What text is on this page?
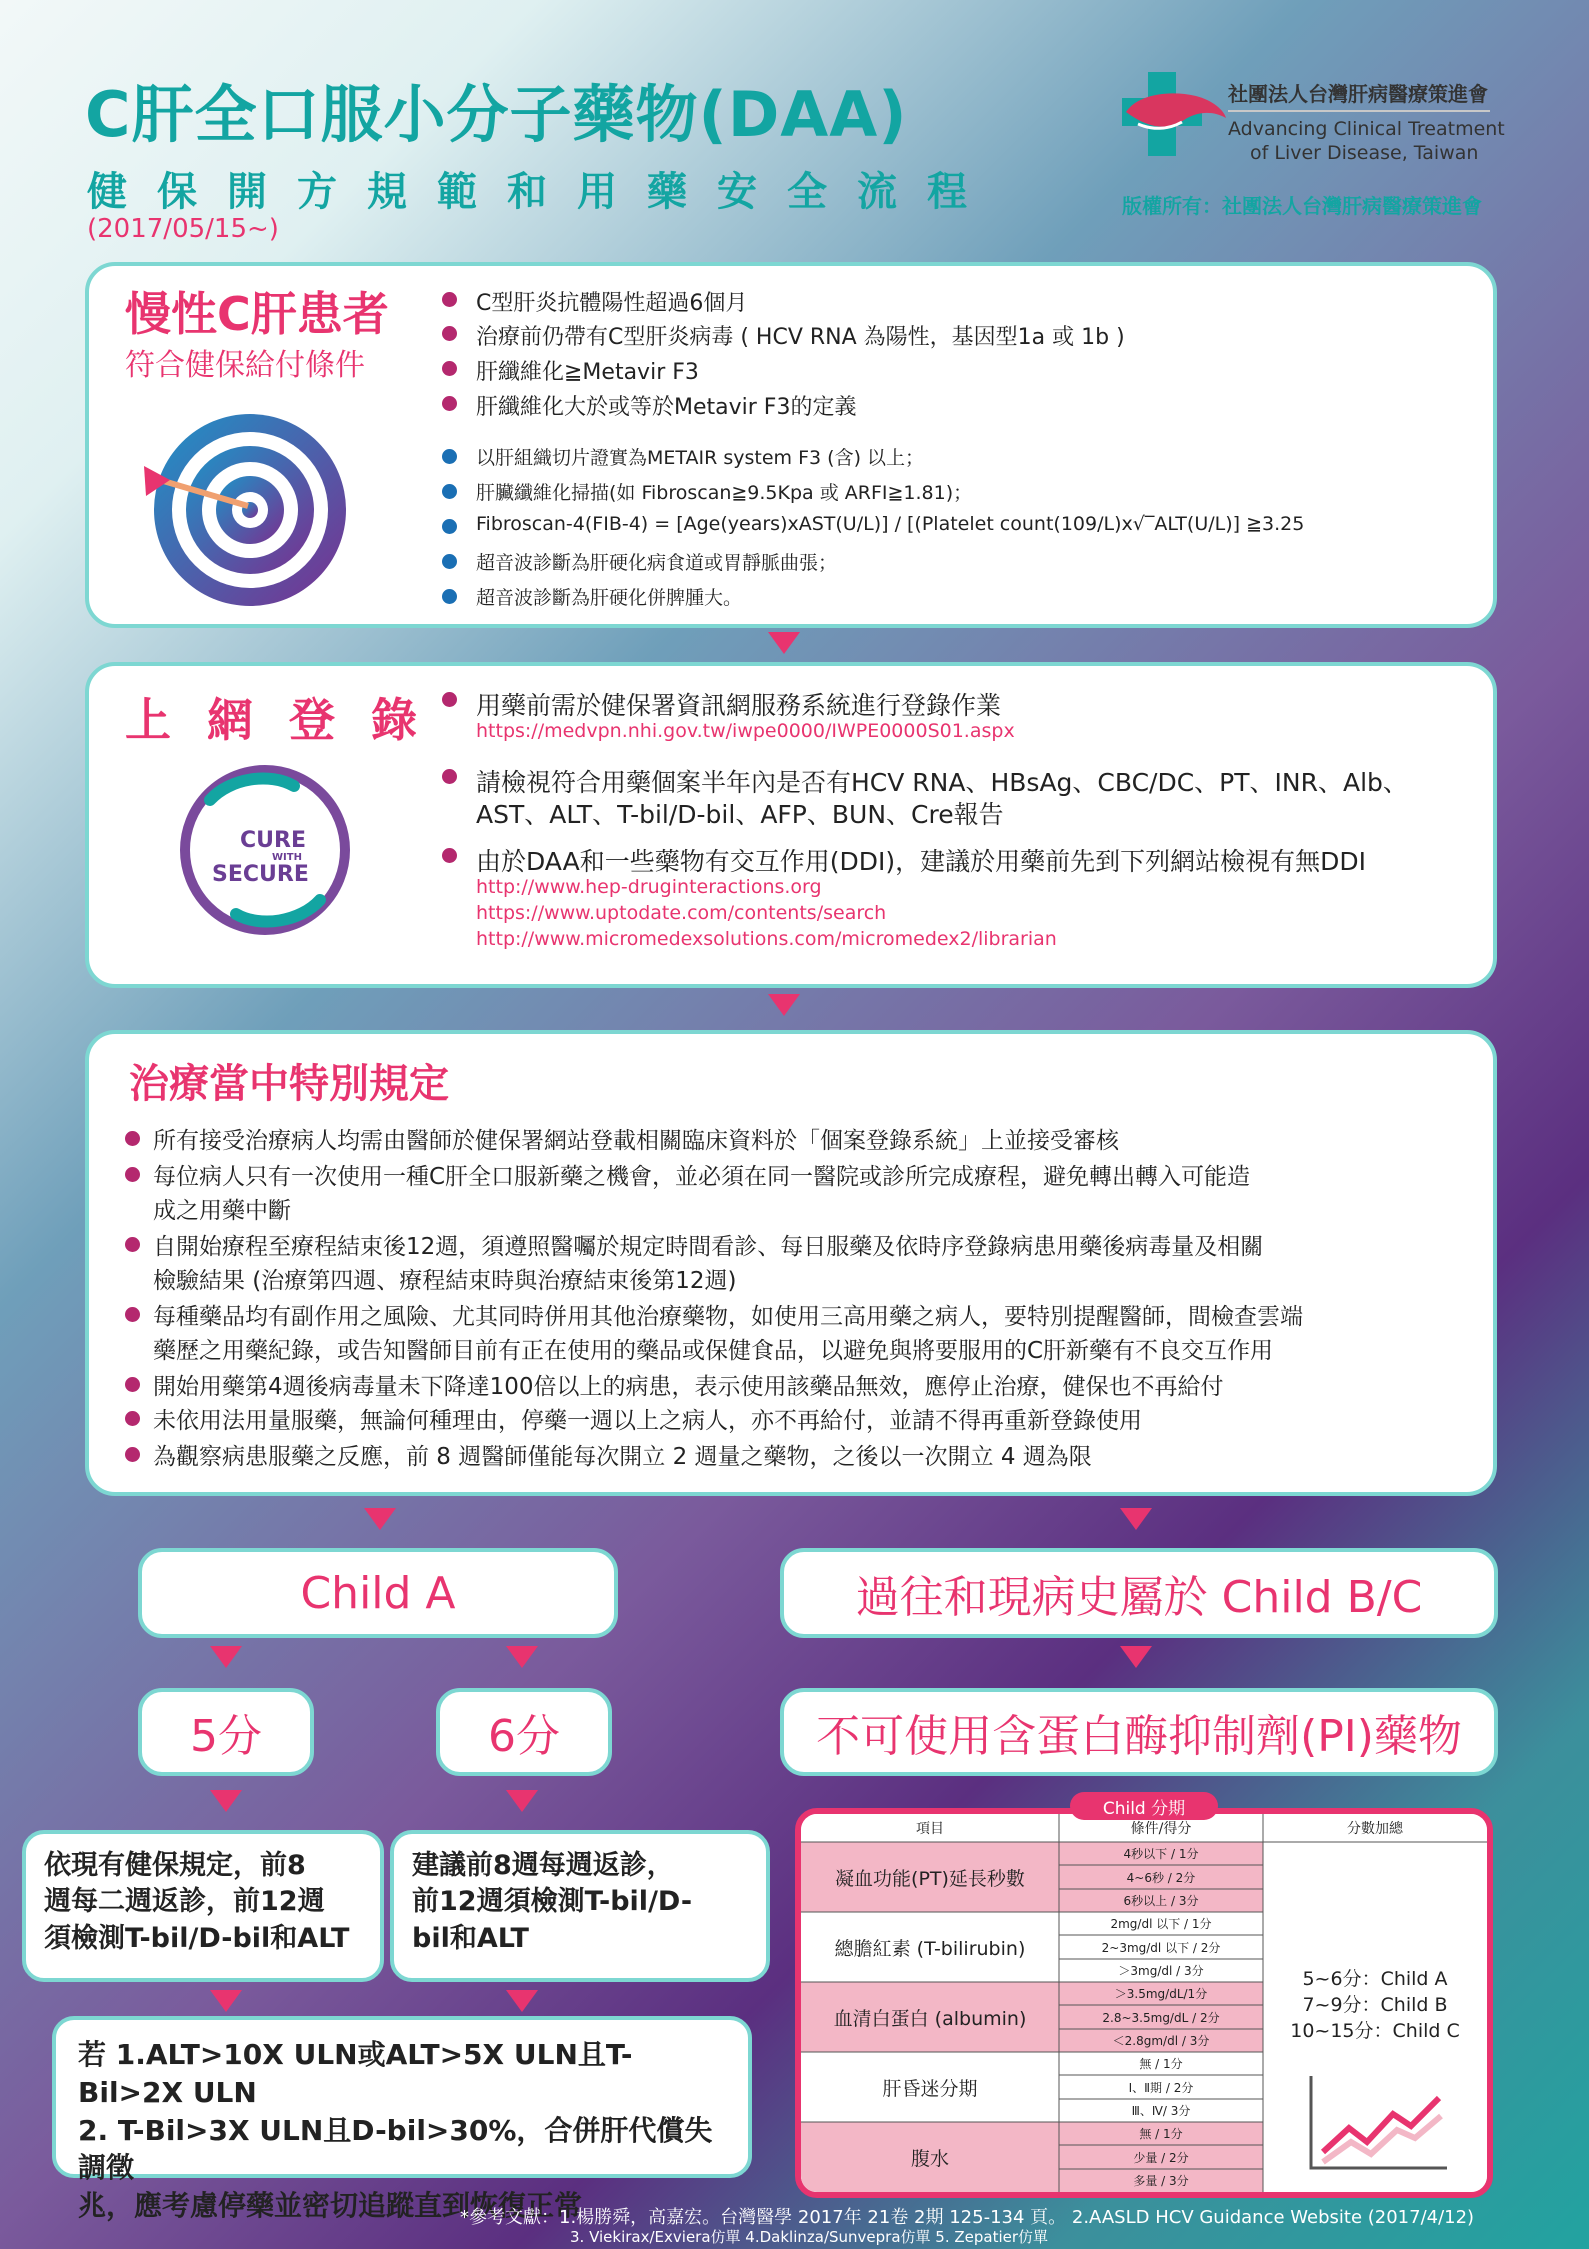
C肝全口服小分子藥物(DAA)
健保開方規範和用藥安全流程
(2017/05/15~)
社團法人台灣肝病醫療策進會
Advancing Clinical Treatment
of Liver Disease, Taiwan
版權所有：社團法人台灣肝病醫療策進會
慢性C肝患者
符合健保給付條件
C型肝炎抗體陽性超過6個月
治療前仍帶有C型肝炎病毒 ( HCV RNA 為陽性，基因型1a 或 1b )
肝纖維化≧Metavir F3
肝纖維化大於或等於Metavir F3的定義
以肝組織切片證實為METAIR system F3 (含) 以上；
肝臟纖維化掃描(如 Fibroscan≧9.5Kpa 或 ARFI≧1.81)；
Fibroscan-4(FIB-4) = [Age(years)xAST(U/L)] / [(Platelet count(109/L)x√‾ALT(U/L)] ≧3.25
超音波診斷為肝硬化病食道或胃靜脈曲張；
超音波診斷為肝硬化併脾腫大。
上 網 登 錄
CURE
WITH
SECURE
用藥前需於健保署資訊網服務系統進行登錄作業
https://medvpn.nhi.gov.tw/iwpe0000/IWPE0000S01.aspx
請檢視符合用藥個案半年內是否有HCV RNA、HBsAg、CBC/DC、PT、INR、Alb、
AST、ALT、T-bil/D-bil、AFP、BUN、Cre報告
由於DAA和一些藥物有交互作用(DDI)，建議於用藥前先到下列網站檢視有無DDI
http://www.hep-druginteractions.org
https://www.uptodate.com/contents/search
http://www.micromedexsolutions.com/micromedex2/librarian
治療當中特別規定
所有接受治療病人均需由醫師於健保署網站登載相關臨床資料於「個案登錄系統」上並接受審核
每位病人只有一次使用一種C肝全口服新藥之機會，並必須在同一醫院或診所完成療程，避免轉出轉入可能造
成之用藥中斷
自開始療程至療程結束後12週，須遵照醫囑於規定時間看診、每日服藥及依時序登錄病患用藥後病毒量及相關
檢驗結果 (治療第四週、療程結束時與治療結束後第12週)
每種藥品均有副作用之風險、尤其同時併用其他治療藥物，如使用三高用藥之病人，要特別提醒醫師，間檢查雲端
藥歷之用藥紀錄，或告知醫師目前有正在使用的藥品或保健食品，以避免與將要服用的C肝新藥有不良交互作用
開始用藥第4週後病毒量未下降達100倍以上的病患，表示使用該藥品無效，應停止治療，健保也不再給付
未依用法用量服藥，無論何種理由，停藥一週以上之病人，亦不再給付，並請不得再重新登錄使用
為觀察病患服藥之反應，前 8 週醫師僅能每次開立 2 週量之藥物，之後以一次開立 4 週為限
Child A	過往和現病史屬於 Child B/C
5分	6分	不可使用含蛋白酶抑制劑(PI)藥物
依現有健保規定，前8
週每二週返診，前12週
須檢測T-bil/D-bil和ALT
建議前8週每週返診，
前12週須檢測T-bil/D-
bil和ALT
若 1.ALT>10X ULN或ALT>5X ULN且T-Bil>2X ULN
2. T-Bil>3X ULN且D-bil>30%，合併肝代償失調徵
兆，應考慮停藥並密切追蹤直到恢復正常
項目	條件/得分	分數加總
凝血功能(PT)延長秒數
4秒以下 / 1分
4~6秒 / 2分
6秒以上 / 3分
總膽紅素 (T-bilirubin)
2mg/dl 以下 / 1分
2~3mg/dl 以下 / 2分
＞3mg/dl / 3分
血清白蛋白 (albumin)
＞3.5mg/dL/1分
2.8~3.5mg/dL / 2分
＜2.8gm/dl / 3分
肝昏迷分期
無 / 1分
Ⅰ、Ⅱ期 / 2分
Ⅲ、Ⅳ/ 3分
腹水
無 / 1分
少量 / 2分
多量 / 3分
5~6分：Child A
7~9分：Child B
10~15分：Child C
Child 分期
*參考文獻：1.楊勝舜，高嘉宏。台灣醫學 2017年 21卷 2期 125-134 頁。 2.AASLD HCV Guidance Website (2017/4/12)
3. Viekirax/Exviera仿單 4.Daklinza/Sunvepra仿單 5. Zepatier仿單
